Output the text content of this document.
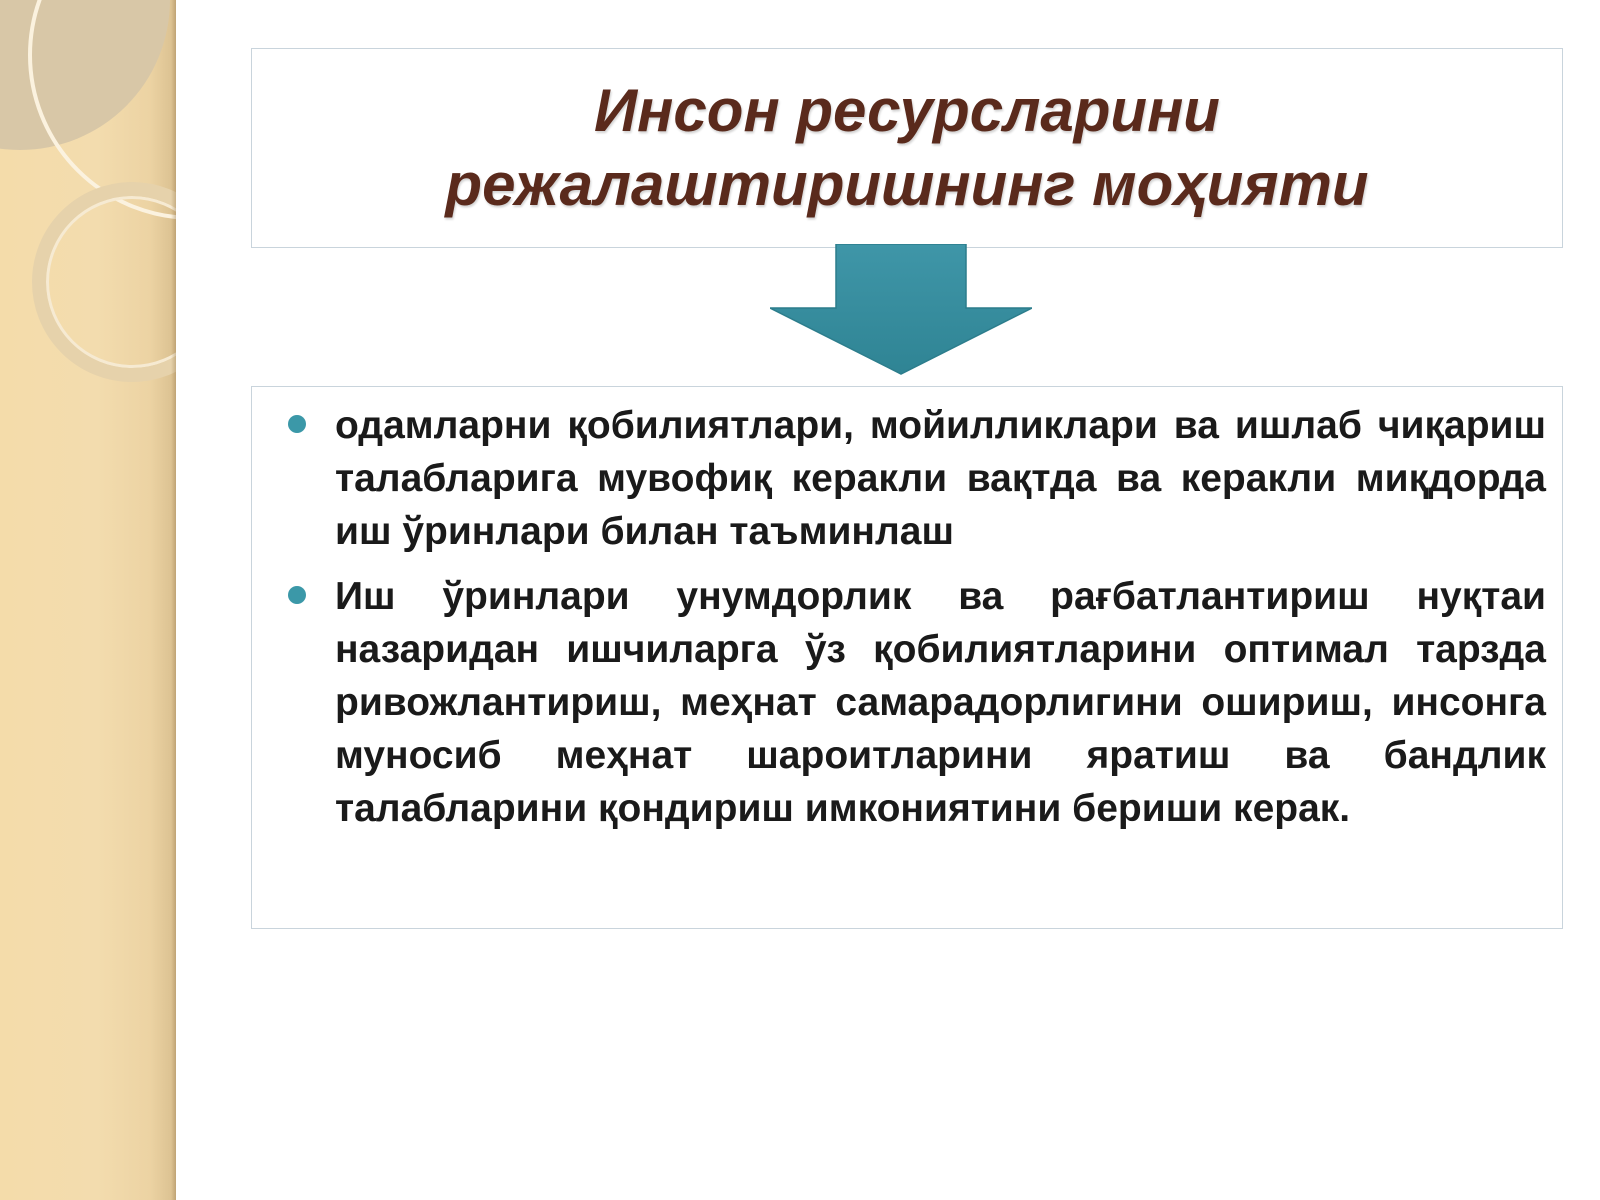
Инсон ресурсларини
режалаштиришнинг моҳияти
одамларни қобилиятлари, мойилликлари ва ишлаб чиқариш талабларига мувофиқ керакли вақтда ва керакли миқдорда иш ўринлари билан таъминлаш
Иш ўринлари унумдорлик ва рағбатлантириш нуқтаи назаридан ишчиларга ўз қобилиятларини оптимал тарзда ривожлантириш, меҳнат самарадорлигини ошириш, инсонга муносиб меҳнат шароитларини яратиш ва бандлик талабларини қондириш имкониятини бериши керак.
